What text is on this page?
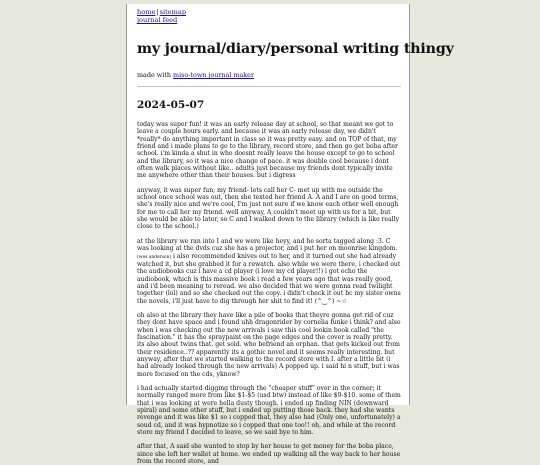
home|sitemap
journal feed
my journal/diary/personal writing thingy
made with miso-town journal maker
2024-05-07

today was super fun! it was an early release day at school, so that meant we got to leave a couple hours early. and because it was an early release day, we didn't *really* do anything important in class so it was pretty easy. and on TOP of that, my friend and i made plans to go to the library, record store, and then go get boba after school. i'm kinda a shut in who doesnt really leave the house except to go to school and the library, so it was a nice change of pace. it was double cool because i dont often walk places without like.. adults just because my friends dont typically invite me anywhere other than their houses. but i digress

anyway, it was super fun; my friend- lets call her C- met up with me outside the school once school was out, then she texted her friend A. A and I are on good terms, she's really nice and we're cool, I'm just not sure if we know each other well enough for me to call her my friend. well anyway, A couldn't meet up with us for a bit, but she would be able to later, so C and I walked down to the library (which is like really close to the school.)

at the library we ran into I and we were like heyy, and he sorta tagged along :3. C was looking at the dvds cuz she has a projector, and i put her on moonrise kingdom. (wes anderson) i also recommended knives out to her, and it turned out she had already watched it, but she grabbed it for a rewatch. also while we were there, i checked out the audiobooks cuz i have a cd player (i love my cd player!!) i got echo the audiobook, which is this massive book i read a few years ago that was really good, and i'd been meaning to reread. we also decided that we were gonna read twilight together (lol) and so she checked out the copy. i didn't check it out bc my sister owns the novels, i'll just have to dig through her shit to find it! (^‿^) ~☆

oh also at the library they have like a pile of books that theyre gonna get rid of cuz they dont have space and i found uhh dragonrider by cornelia funke i think? and also when i was checking out the new arrivals i saw this cool lookin book called "the fascination." it has the spraypaint on the page edges and the cover is really pretty. its also about twins that. get sold. who befriend an orphan. that gets kicked out from their residence..?? apparently its a gothic novel and it seems really interesting. but anyway, after that we started walking to the record store with I. after a little bit (i had already looked through the new arrivals) A popped up. i said hi n stuff, but i was more focused on the cds, yknow?

i had actually started digging through the "cheaper stuff" over in the corner; it normally ranged more from like $1-$5 (usd btw) instead of like $9-$10. some of them that i was looking at were hella dusty though. i ended up finding NIN (downward spiral) and some other stuff, but i ended up putting those back. they had she wants revenge and it was like $1 so i copped that, they also had (Only one, unfortunately) a soud cd, and it was hypnotize so i copped that one too!! oh, and while at the record store my friend I decided to leave, so we said bye to him.

after that, A said she wanted to stop by her house to get money for the boba place, since she left her wallet at home. we ended up walking all the way back to her house from the record store, and
